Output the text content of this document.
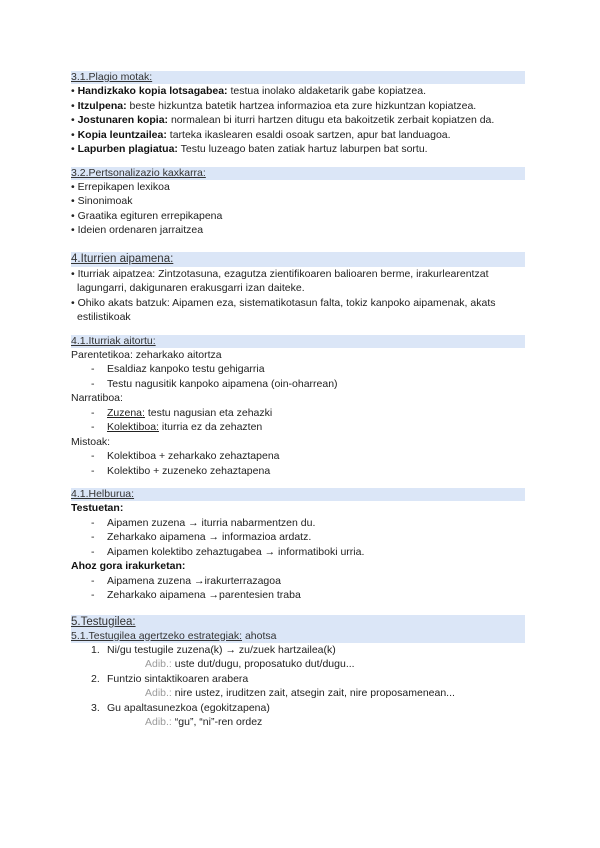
3.1.Plagio motak:
• Handizkako kopia lotsagabea: testua inolako aldaketarik gabe kopiatzea.
• Itzulpena: beste hizkuntza batetik hartzea informazioa eta zure hizkuntzan kopiatzea.
• Jostunaren kopia: normalean bi iturri hartzen ditugu eta bakoitzetik zerbait kopiatzen da.
• Kopia leuntzailea: tarteka ikaslearen esaldi osoak sartzen, apur bat landuagoa.
• Lapurben plagiatua: Testu luzeago baten zatiak hartuz laburpen bat sortu.
3.2.Pertsonalizazio kaxkarra:
• Errepikapen lexikoa
• Sinonimoak
• Graatika egituren errepikapena
• Ideien ordenaren jarraitzea
4.Iturrien aipamena:
• Iturriak aipatzea: Zintzotasuna, ezagutza zientifikoaren balioaren berme, irakurlearentzat lagungarri, dakigunaren erakusgarri izan daiteke.
• Ohiko akats batzuk: Aipamen eza, sistematikotasun falta, tokiz kanpoko aipamenak, akats estilistikoak
4.1.Iturriak aitortu:
Parentetikoa: zeharkako aitortza
- Esaldiaz kanpoko testu gehigarria
- Testu nagusitik kanpoko aipamena (oin-oharrean)
Narratiboa:
- Zuzena: testu nagusian eta zehazki
- Kolektiboa: iturria ez da zehazten
Mistoak:
- Kolektiboa + zeharkako zehaztapena
- Kolektibo + zuzeneko zehaztapena
4.1.Helburua:
Testuetan:
- Aipamen zuzena → iturria nabarmentzen du.
- Zeharkako aipamena → informazioa ardatz.
- Aipamen kolektibo zehaztugabea → informatiboki urria.
Ahoz gora irakurketan:
- Aipamena zuzena →irakurterrazagoa
- Zeharkako aipamena →parentesien traba
5.Testugilea:
5.1.Testugilea agertzeko estrategiak: ahotsa
1. Ni/gu testugile zuzena(k) → zu/zuek hartzailea(k)
Adib.: uste dut/dugu, proposatuko dut/dugu...
2. Funtzio sintaktikoaren arabera
Adib.: nire ustez, iruditzen zait, atsegin zait, nire proposamenean...
3. Gu apaltasunezkoa (egokitzapena)
Adib.: “gu”, “ni”-ren ordez
